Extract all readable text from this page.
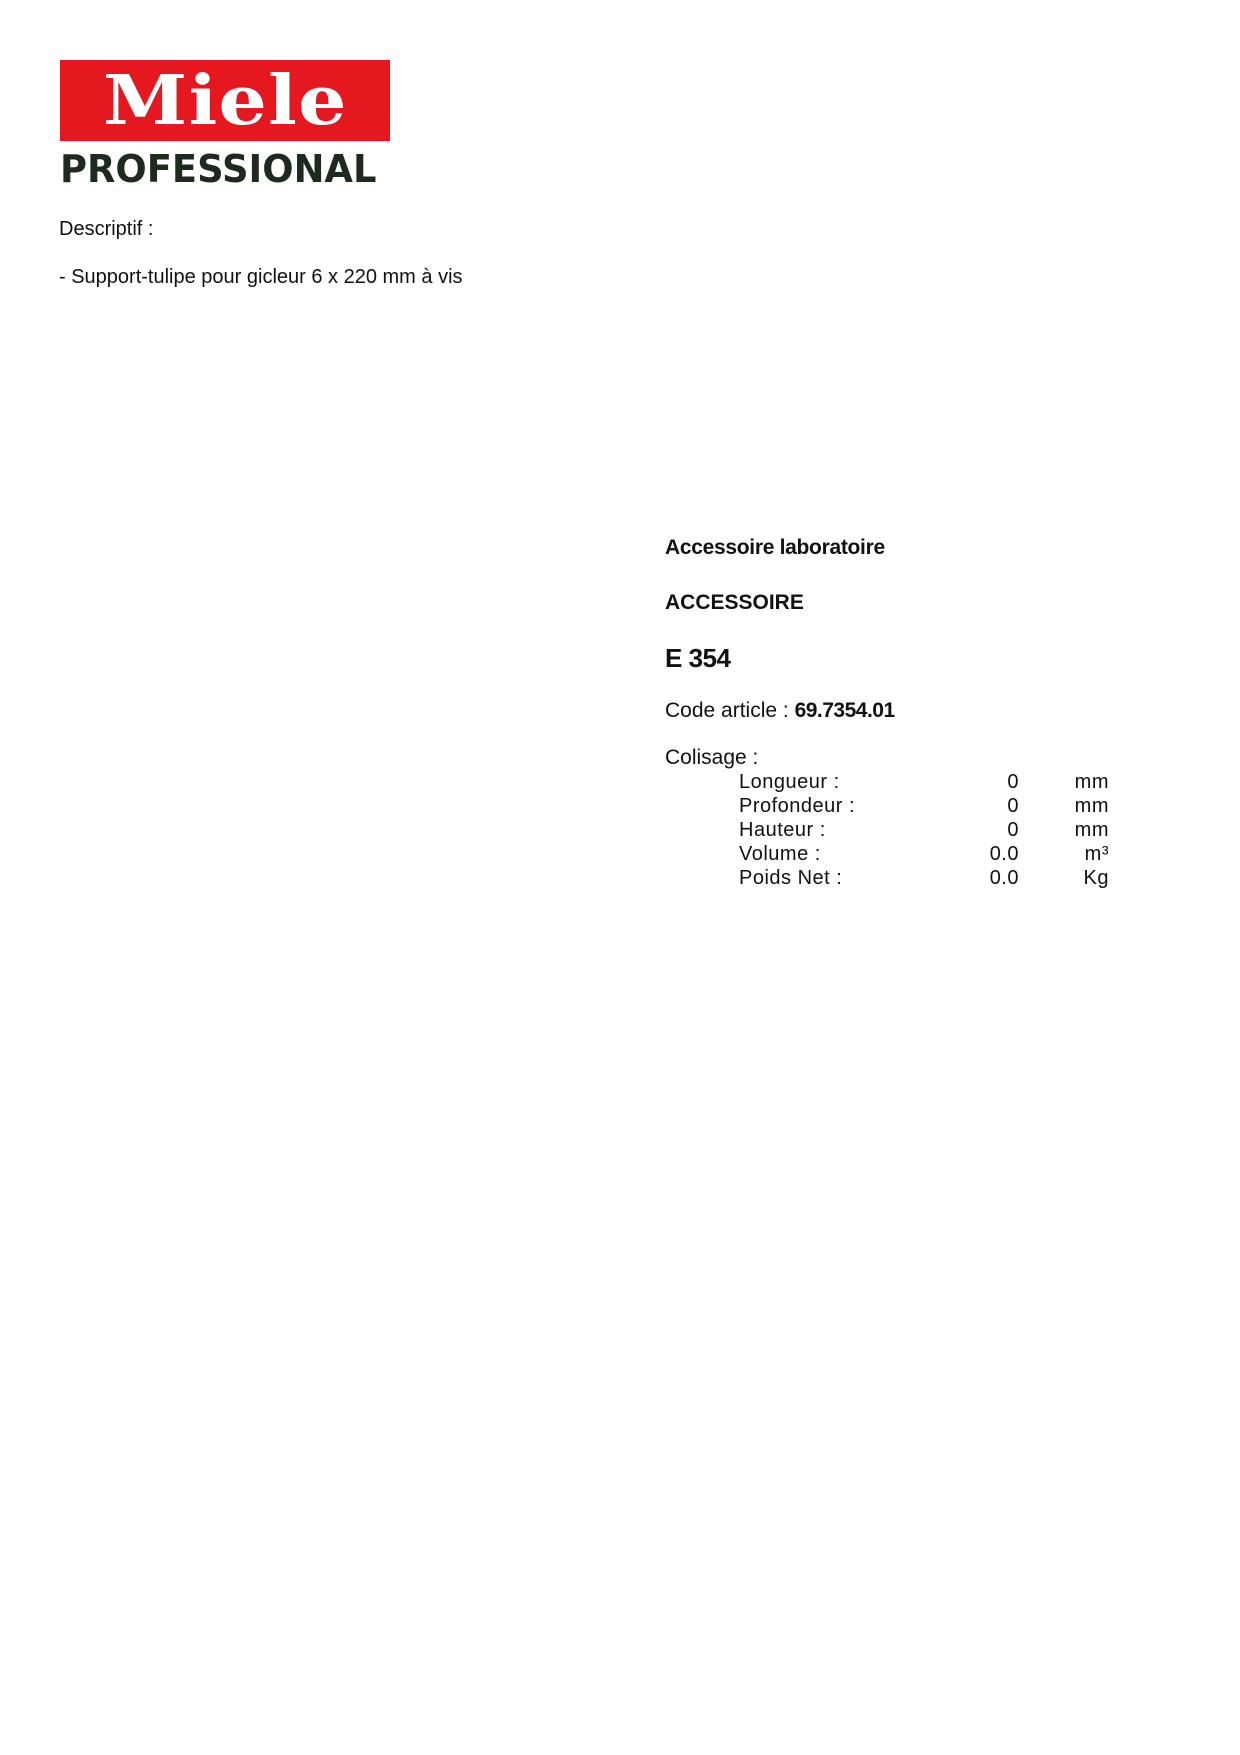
Miele
PROFESSIONAL
Descriptif :
- Support-tulipe pour gicleur 6 x 220 mm à vis
Accessoire laboratoire
ACCESSOIRE
E 354
Code article : 69.7354.01
Colisage :
Longueur :	0	mm
Profondeur :	0	mm
Hauteur :	0	mm
Volume :	0.0	m³
Poids Net :	0.0	Kg
